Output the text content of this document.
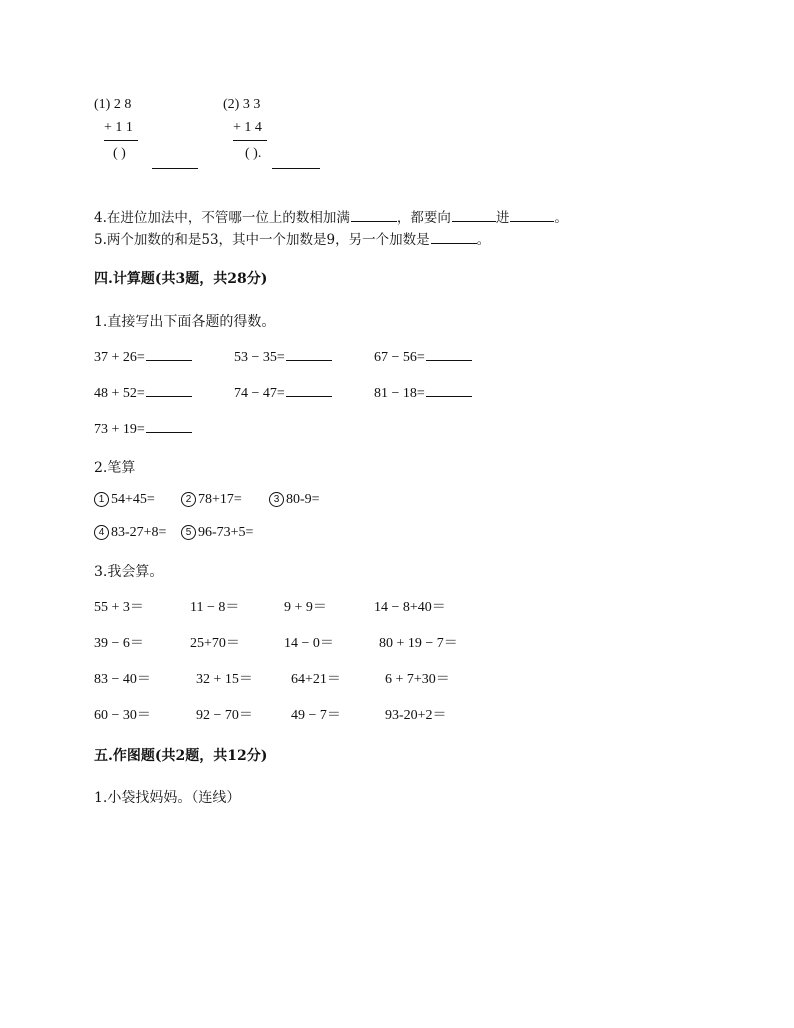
(1) 2 8
+ 1 1
( )
(2) 3 3
+ 1 4
( ).
4.在进位加法中，不管哪一位上的数相加满	，都要向	进	。
5.两个加数的和是53，其中一个加数是9，另一个加数是	。
四.计算题(共3题，共28分)
1.直接写出下面各题的得数。
37 + 26=	53 − 35=	67 − 56=
48 + 52=	74 − 47=	81 − 18=
73 + 19=
2.笔算
1 54+45=	2 78+17=	3 80-9=
4 83-27+8=	5 96-73+5=
3.我会算。
55 + 3＝	11 − 8＝	9 + 9＝	14 − 8+40＝
39 − 6＝	25+70＝	14 − 0＝	80 + 19 − 7＝
83 − 40＝	32 + 15＝	64+21＝	6 + 7+30＝
60 − 30＝	92 − 70＝	49 − 7＝	93-20+2＝
五.作图题(共2题，共12分)
1.小袋找妈妈。（连线）
